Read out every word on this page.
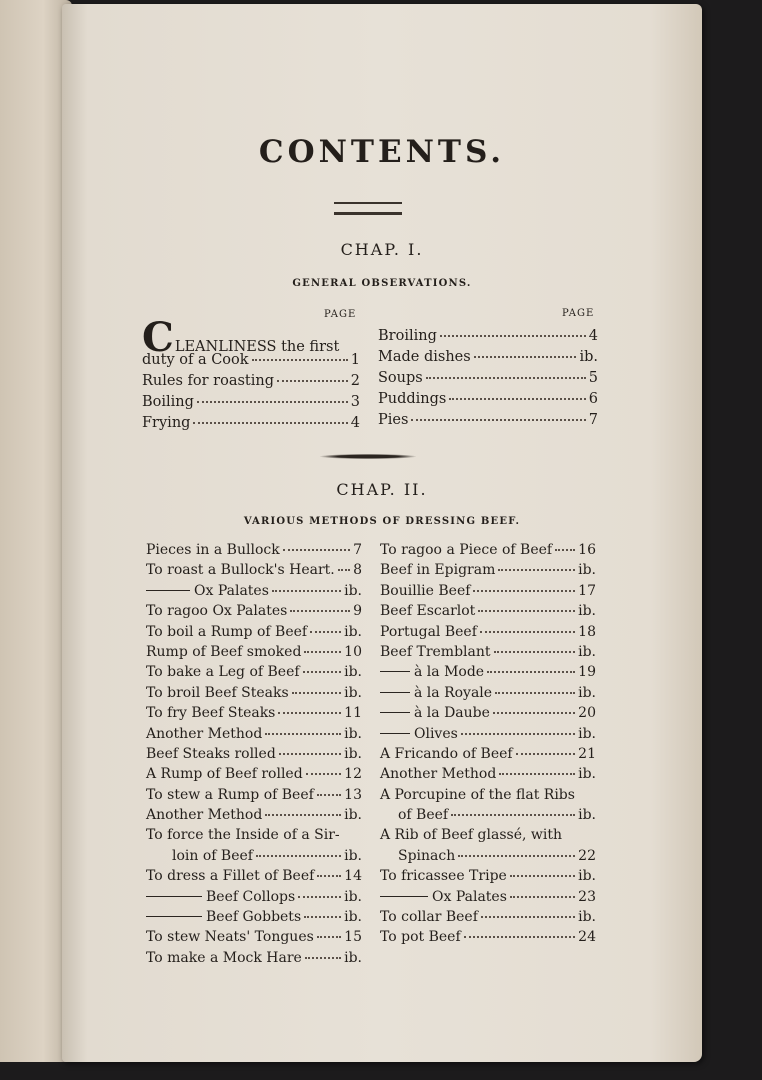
CONTENTS.
CHAP. I.
GENERAL OBSERVATIONS.
PAGE	PAGE
C LEANLINESS the first
duty of a Cook	1
Rules for roasting	2
Boiling	3
Frying	4
Broiling	4
Made dishes	ib.
Soups	5
Puddings	6
Pies	7
CHAP. II.
VARIOUS METHODS OF DRESSING BEEF.
Pieces in a Bullock	7
To roast a Bullock's Heart. 8
Ox Palates	ib.
To ragoo Ox Palates	9
To boil a Rump of Beef	ib.
Rump of Beef smoked	10
To bake a Leg of Beef	ib.
To broil Beef Steaks	ib.
To fry Beef Steaks	11
Another Method	ib.
Beef Steaks rolled	ib.
A Rump of Beef rolled	12
To stew a Rump of Beef 13
Another Method	ib.
To force the Inside of a Sir-
loin of Beef	ib.
To dress a Fillet of Beef 14
Beef Collops	ib.
Beef Gobbets	ib.
To stew Neats' Tongues 15
To make a Mock Hare	ib.
To ragoo a Piece of Beef 16
Beef in Epigram	ib.
Bouillie Beef	17
Beef Escarlot	ib.
Portugal Beef	18
Beef Tremblant	ib.
à la Mode	19
à la Royale	ib.
à la Daube	20
Olives	ib.
A Fricando of Beef	21
Another Method	ib.
A Porcupine of the flat Ribs
of Beef	ib.
A Rib of Beef glassé, with
Spinach	22
To fricassee Tripe	ib.
Ox Palates	23
To collar Beef	ib.
To pot Beef	24
